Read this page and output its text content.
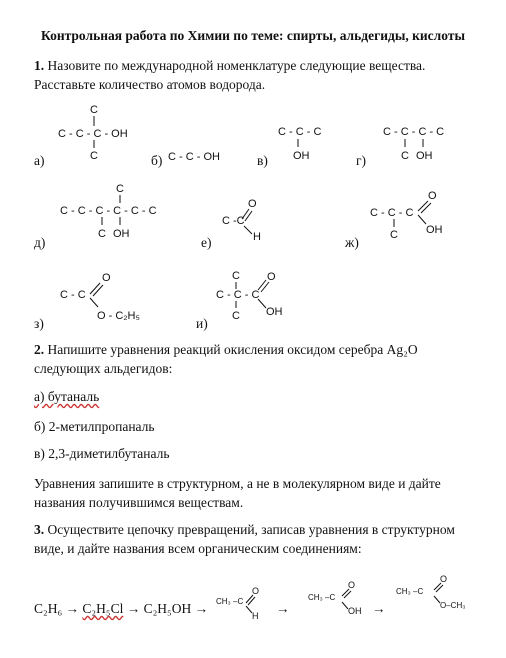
Контрольная работа по Химии по теме: спирты, альдегиды, кислоты
1. Назовите по международной номенклатуре следующие вещества. Расставьте количество атомов водорода.
а)
C
C - C - C - OH
C	б) C - C - OH	в)
C - C - C
OH	г)
C - C - C - C
C OH
д)
C
C - C - C - C - C - C
C OH
е)
O
C -C
H	ж)
O
C - C - C
OH
C
з)
O
C - C
O - C₂H₅	и)
C
C - C - C
O
OH
C
2. Напишите уравнения реакций окисления оксидом серебра Ag₂O следующих альдегидов:
а) бутаналь
б) 2-метилпропаналь
в) 2,3-диметилбутаналь
Уравнения запишите в структурном, а не в молекулярном виде и дайте названия получившимся веществам.
3. Осуществите цепочку превращений, записав уравнения в структурном виде, и дайте названия всем органическим соединениям:
C₂H₆ → C₂H₅Cl → C₂H₅OH →
O
CH₃ –C
H →
O
CH₃ –C
OH →
O
CH₃ –C
O–CH₃
